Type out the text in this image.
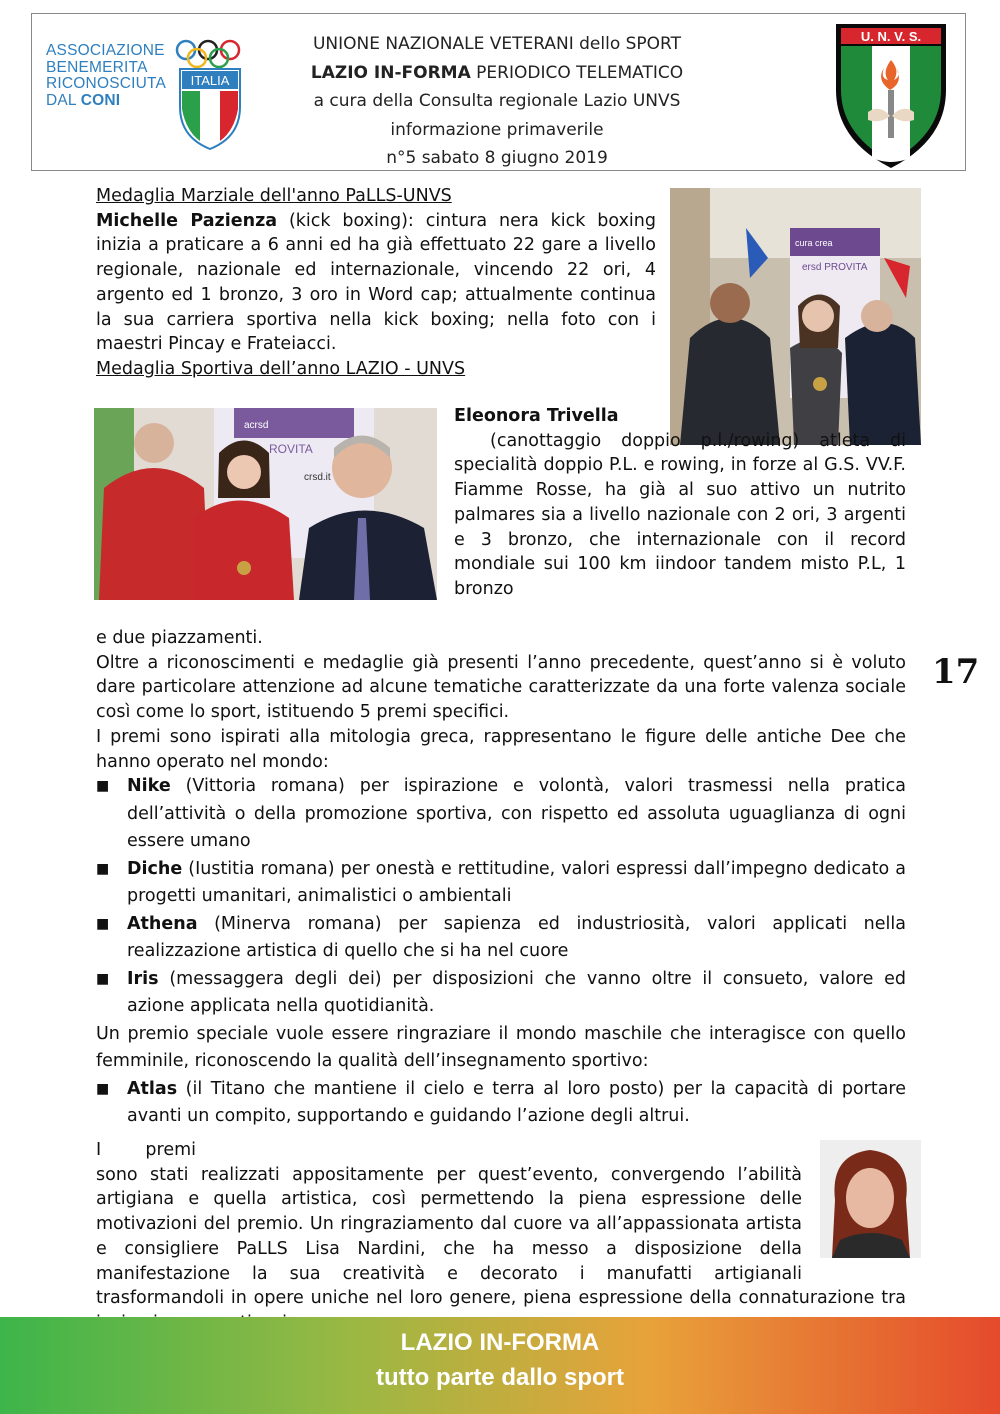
ASSOCIAZIONE
BENEMERITA
RICONOSCIUTA
DAL CONI
ITALIA
UNIONE NAZIONALE VETERANI dello SPORT
LAZIO IN-FORMA PERIODICO TELEMATICO
a cura della Consulta regionale Lazio UNVS
informazione primaverile
n°5 sabato 8 giugno 2019
U. N. V. S.
cura crea
ersd PROVITA
Medaglia Marziale dell'anno PaLLS-UNVS
Michelle Pazienza (kick boxing): cintura nera kick boxing inizia a praticare a 6 anni ed ha già effettuato 22 gare a livello regionale, nazionale ed internazionale, vincendo 22 ori, 4 argento ed 1 bronzo, 3 oro in Word cap; attualmente continua la sua carriera sportiva nella kick boxing; nella foto con i maestri Pincay e Frateiacci.
Medaglia Sportiva dell’anno LAZIO - UNVS
acrsd
ROVITA
crsd.it
Eleonora Trivella
(canottaggio doppio p.l./rowing) atleta di specialità doppio P.L. e rowing, in forze al G.S. VV.F. Fiamme Rosse, ha già al suo attivo un nutrito palmares sia a livello nazionale con 2 ori, 3 argenti e 3 bronzo, che internazionale con il record mondiale sui 100 km iindoor tandem misto P.L, 1 bronzo
e due piazzamenti.
Oltre a riconoscimenti e medaglie già presenti l’anno precedente, quest’anno si è voluto dare particolare attenzione ad alcune tematiche caratterizzate da una forte valenza sociale così come lo sport, istituendo 5 premi specifici.
I premi sono ispirati alla mitologia greca, rappresentano le figure delle antiche Dee che hanno operato nel mondo:
17

■ Nike (Vittoria romana) per ispirazione e volontà, valori trasmessi nella pratica dell’attività o della promozione sportiva, con rispetto ed assoluta uguaglianza di ogni essere umano

■ Diche (Iustitia romana) per onestà e rettitudine, valori espressi dall’impegno dedicato a progetti umanitari, animalistici o ambientali

■ Athena (Minerva romana) per sapienza ed industriosità, valori applicati nella realizzazione artistica di quello che si ha nel cuore

■ Iris (messaggera degli dei) per disposizioni che vanno oltre il consueto, valore ed azione applicata nella quotidianità.

Un premio speciale vuole essere ringraziare il mondo maschile che interagisce con quello femminile, riconoscendo la qualità dell’insegnamento sportivo:

■ Atlas (il Titano che mantiene il cielo e terra al loro posto) per la capacità di portare avanti un compito, supportando e guidando l’azione degli altrui.

I premi sono stati realizzati appositamente per quest’evento, convergendo l’abilità artigiana e quella artistica, così permettendo la piena espressione delle motivazioni del premio. Un ringraziamento dal cuore va all’appassionata artista e consigliere PaLLS Lisa Nardini, che ha messo a disposizione della manifestazione la sua creatività e decorato i manufatti artigianali trasformandoli in opere uniche nel loro genere, piena espressione della connaturazione tra
LAZIO IN-FORMA
tutto parte dallo sport
